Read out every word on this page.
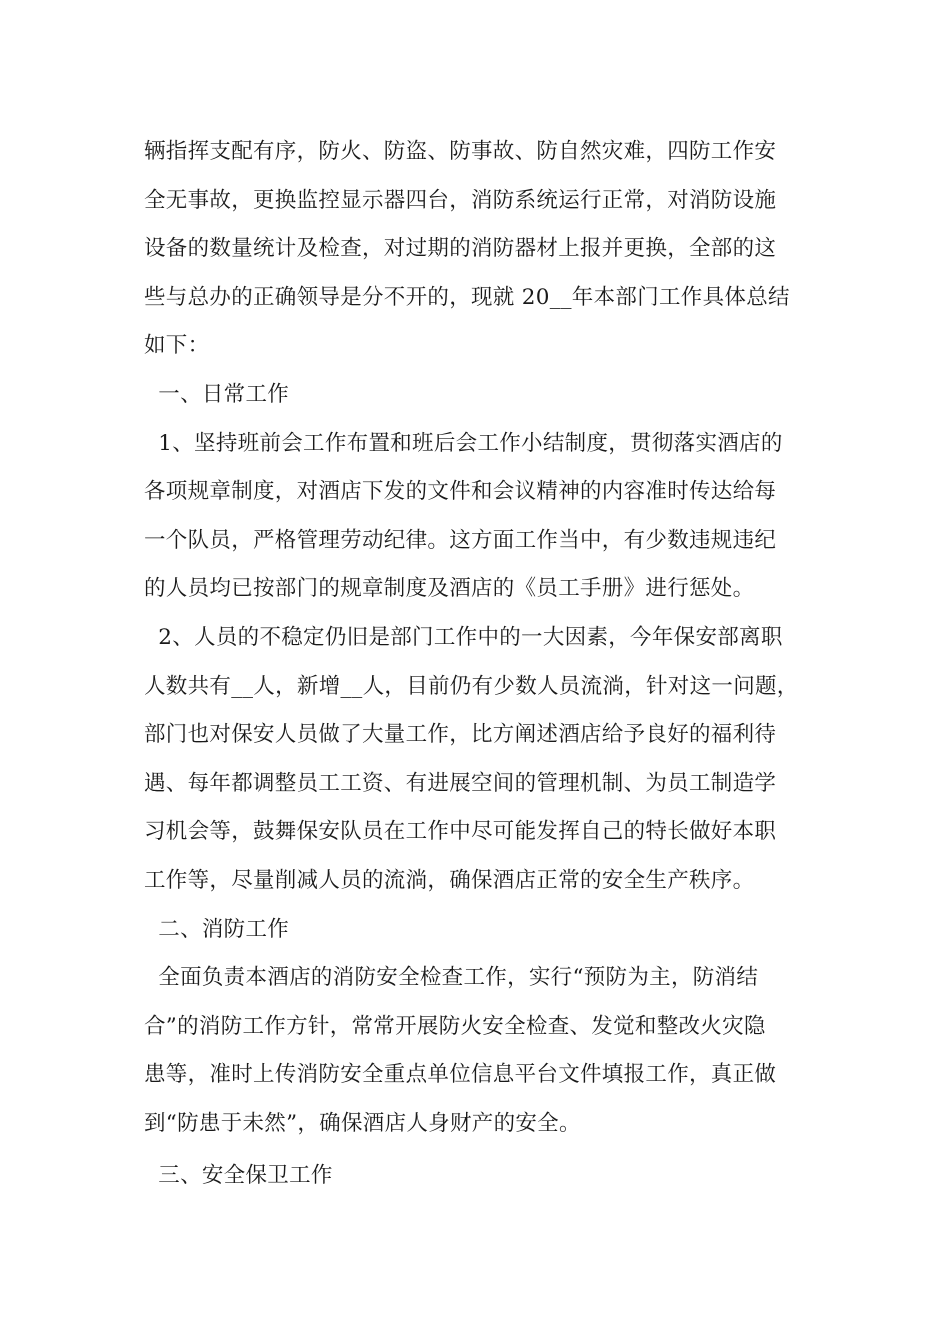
辆指挥支配有序，防火、防盗、防事故、防自然灾难，四防工作安
全无事故，更换监控显示器四台，消防系统运行正常，对消防设施
设备的数量统计及检查，对过期的消防器材上报并更换，全部的这
些与总办的正确领导是分不开的，现就 20__年本部门工作具体总结
如下：
一、日常工作
1、坚持班前会工作布置和班后会工作小结制度，贯彻落实酒店的
各项规章制度，对酒店下发的文件和会议精神的内容准时传达给每
一个队员，严格管理劳动纪律。这方面工作当中，有少数违规违纪
的人员均已按部门的规章制度及酒店的《员工手册》进行惩处。
2、人员的不稳定仍旧是部门工作中的一大因素，今年保安部离职
人数共有__人，新增__人，目前仍有少数人员流淌，针对这一问题，
部门也对保安人员做了大量工作，比方阐述酒店给予良好的福利待
遇、每年都调整员工工资、有进展空间的管理机制、为员工制造学
习机会等，鼓舞保安队员在工作中尽可能发挥自己的特长做好本职
工作等，尽量削减人员的流淌，确保酒店正常的安全生产秩序。
二、消防工作
全面负责本酒店的消防安全检查工作，实行“预防为主，防消结
合”的消防工作方针，常常开展防火安全检查、发觉和整改火灾隐
患等，准时上传消防安全重点单位信息平台文件填报工作，真正做
到“防患于未然”，确保酒店人身财产的安全。
三、安全保卫工作
